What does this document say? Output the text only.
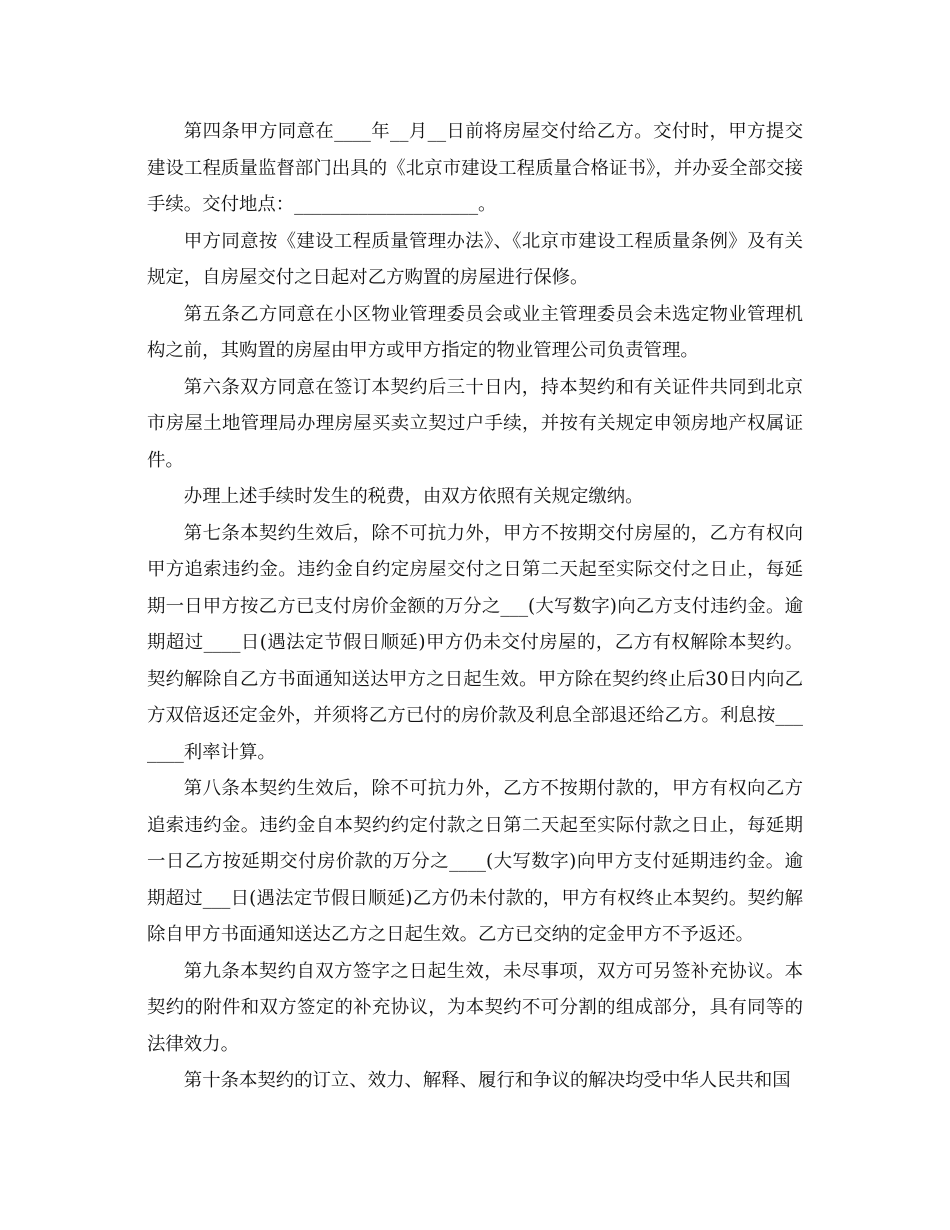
第四条甲方同意在____年__月__日前将房屋交付给乙方。交付时，甲方提交建设工程质量监督部门出具的《北京市建设工程质量合格证书》，并办妥全部交接手续。交付地点：____________________。

甲方同意按《建设工程质量管理办法》、《北京市建设工程质量条例》及有关规定，自房屋交付之日起对乙方购置的房屋进行保修。

第五条乙方同意在小区物业管理委员会或业主管理委员会未选定物业管理机构之前，其购置的房屋由甲方或甲方指定的物业管理公司负责管理。

第六条双方同意在签订本契约后三十日内，持本契约和有关证件共同到北京市房屋土地管理局办理房屋买卖立契过户手续，并按有关规定申领房地产权属证件。

办理上述手续时发生的税费，由双方依照有关规定缴纳。

第七条本契约生效后，除不可抗力外，甲方不按期交付房屋的，乙方有权向甲方追索违约金。违约金自约定房屋交付之日第二天起至实际交付之日止，每延期一日甲方按乙方已支付房价金额的万分之___(大写数字)向乙方支付违约金。逾期超过____日(遇法定节假日顺延)甲方仍未交付房屋的，乙方有权解除本契约。契约解除自乙方书面通知送达甲方之日起生效。甲方除在契约终止后30日内向乙方双倍返还定金外，并须将乙方已付的房价款及利息全部退还给乙方。利息按_______利率计算。

第八条本契约生效后，除不可抗力外，乙方不按期付款的，甲方有权向乙方追索违约金。违约金自本契约约定付款之日第二天起至实际付款之日止，每延期一日乙方按延期交付房价款的万分之____(大写数字)向甲方支付延期违约金。逾期超过___日(遇法定节假日顺延)乙方仍未付款的，甲方有权终止本契约。契约解除自甲方书面通知送达乙方之日起生效。乙方已交纳的定金甲方不予返还。

第九条本契约自双方签字之日起生效，未尽事项，双方可另签补充协议。本契约的附件和双方签定的补充协议，为本契约不可分割的组成部分，具有同等的法律效力。

第十条本契约的订立、效力、解释、履行和争议的解决均受中华人民共和国
